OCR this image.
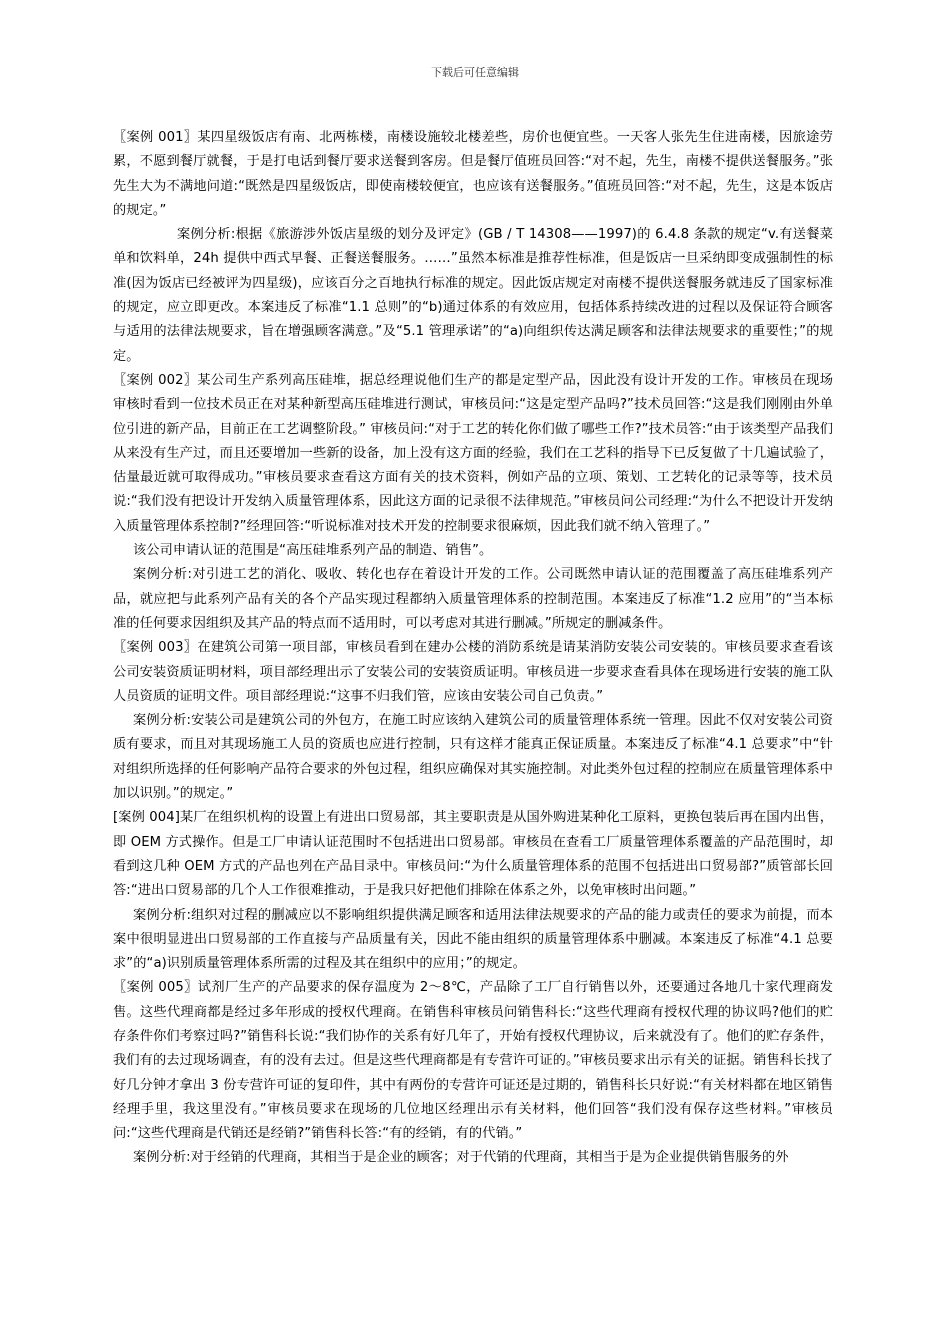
下载后可任意编辑

〖案例 001〗某四星级饭店有南、北两栋楼，南楼设施较北楼差些，房价也便宜些。一天客人张先生住进南楼，因旅途劳累，不愿到餐厅就餐，于是打电话到餐厅要求送餐到客房。但是餐厅值班员回答:“对不起，先生，南楼不提供送餐服务。”张先生大为不满地问道:“既然是四星级饭店，即使南楼较便宜，也应该有送餐服务。”值班员回答:“对不起，先生，这是本饭店的规定。”

案例分析:根据《旅游涉外饭店星级的划分及评定》(GB / T 14308——1997)的 6.4.8 条款的规定“v.有送餐菜单和饮料单，24h 提供中西式早餐、正餐送餐服务。……”虽然本标准是推荐性标准，但是饭店一旦采纳即变成强制性的标准(因为饭店已经被评为四星级)，应该百分之百地执行标准的规定。因此饭店规定对南楼不提供送餐服务就违反了国家标准的规定，应立即更改。本案违反了标准“1.1 总则”的“b)通过体系的有效应用，包括体系持续改进的过程以及保证符合顾客与适用的法律法规要求，旨在增强顾客满意。”及“5.1 管理承诺”的“a)向组织传达满足顾客和法律法规要求的重要性；”的规定。

〖案例 002〗某公司生产系列高压硅堆，据总经理说他们生产的都是定型产品，因此没有设计开发的工作。审核员在现场审核时看到一位技术员正在对某种新型高压硅堆进行测试，审核员问:“这是定型产品吗?”技术员回答:“这是我们刚刚由外单位引进的新产品，目前正在工艺调整阶段。” 审核员问:“对于工艺的转化你们做了哪些工作?”技术员答:“由于该类型产品我们从来没有生产过，而且还要增加一些新的设备，加上没有这方面的经验，我们在工艺科的指导下已反复做了十几遍试验了，估量最近就可取得成功。”审核员要求查看这方面有关的技术资料，例如产品的立项、策划、工艺转化的记录等等，技术员说:“我们没有把设计开发纳入质量管理体系，因此这方面的记录很不法律规范。”审核员问公司经理:“为什么不把设计开发纳入质量管理体系控制?”经理回答:“听说标准对技术开发的控制要求很麻烦，因此我们就不纳入管理了。”

该公司申请认证的范围是“高压硅堆系列产品的制造、销售”。

案例分析:对引进工艺的消化、吸收、转化也存在着设计开发的工作。公司既然申请认证的范围覆盖了高压硅堆系列产品，就应把与此系列产品有关的各个产品实现过程都纳入质量管理体系的控制范围。本案违反了标准“1.2 应用”的“当本标准的任何要求因组织及其产品的特点而不适用时，可以考虑对其进行删减。”所规定的删减条件。

〖案例 003〗在建筑公司第一项目部，审核员看到在建办公楼的消防系统是请某消防安装公司安装的。审核员要求查看该公司安装资质证明材料，项目部经理出示了安装公司的安装资质证明。审核员进一步要求查看具体在现场进行安装的施工队人员资质的证明文件。项目部经理说:“这事不归我们管，应该由安装公司自己负责。”

案例分析:安装公司是建筑公司的外包方，在施工时应该纳入建筑公司的质量管理体系统一管理。因此不仅对安装公司资质有要求，而且对其现场施工人员的资质也应进行控制，只有这样才能真正保证质量。本案违反了标准“4.1 总要求”中“针对组织所选择的任何影响产品符合要求的外包过程，组织应确保对其实施控制。对此类外包过程的控制应在质量管理体系中加以识别。”的规定。”

[案例 004]某厂在组织机构的设置上有进出口贸易部，其主要职责是从国外购进某种化工原料，更换包装后再在国内出售，即 OEM 方式操作。但是工厂申请认证范围时不包括进出口贸易部。审核员在查看工厂质量管理体系覆盖的产品范围时，却看到这几种 OEM 方式的产品也列在产品目录中。审核员问:“为什么质量管理体系的范围不包括进出口贸易部?”质管部长回答:“进出口贸易部的几个人工作很难推动，于是我只好把他们排除在体系之外，以免审核时出问题。”

案例分析:组织对过程的删减应以不影响组织提供满足顾客和适用法律法规要求的产品的能力或责任的要求为前提，而本案中很明显进出口贸易部的工作直接与产品质量有关，因此不能由组织的质量管理体系中删减。本案违反了标准“4.1 总要求”的“a)识别质量管理体系所需的过程及其在组织中的应用；”的规定。

〖案例 005〗试剂厂生产的产品要求的保存温度为 2～8℃，产品除了工厂自行销售以外，还要通过各地几十家代理商发售。这些代理商都是经过多年形成的授权代理商。在销售科审核员问销售科长:“这些代理商有授权代理的协议吗?他们的贮存条件你们考察过吗?”销售科长说:“我们协作的关系有好几年了，开始有授权代理协议，后来就没有了。他们的贮存条件，我们有的去过现场调查，有的没有去过。但是这些代理商都是有专营许可证的。”审核员要求出示有关的证据。销售科长找了好几分钟才拿出 3 份专营许可证的复印件，其中有两份的专营许可证还是过期的，销售科长只好说:“有关材料都在地区销售经理手里，我这里没有。”审核员要求在现场的几位地区经理出示有关材料，他们回答“我们没有保存这些材料。”审核员问:“这些代理商是代销还是经销?”销售科长答:“有的经销，有的代销。”

案例分析:对于经销的代理商，其相当于是企业的顾客；对于代销的代理商，其相当于是为企业提供销售服务的外
